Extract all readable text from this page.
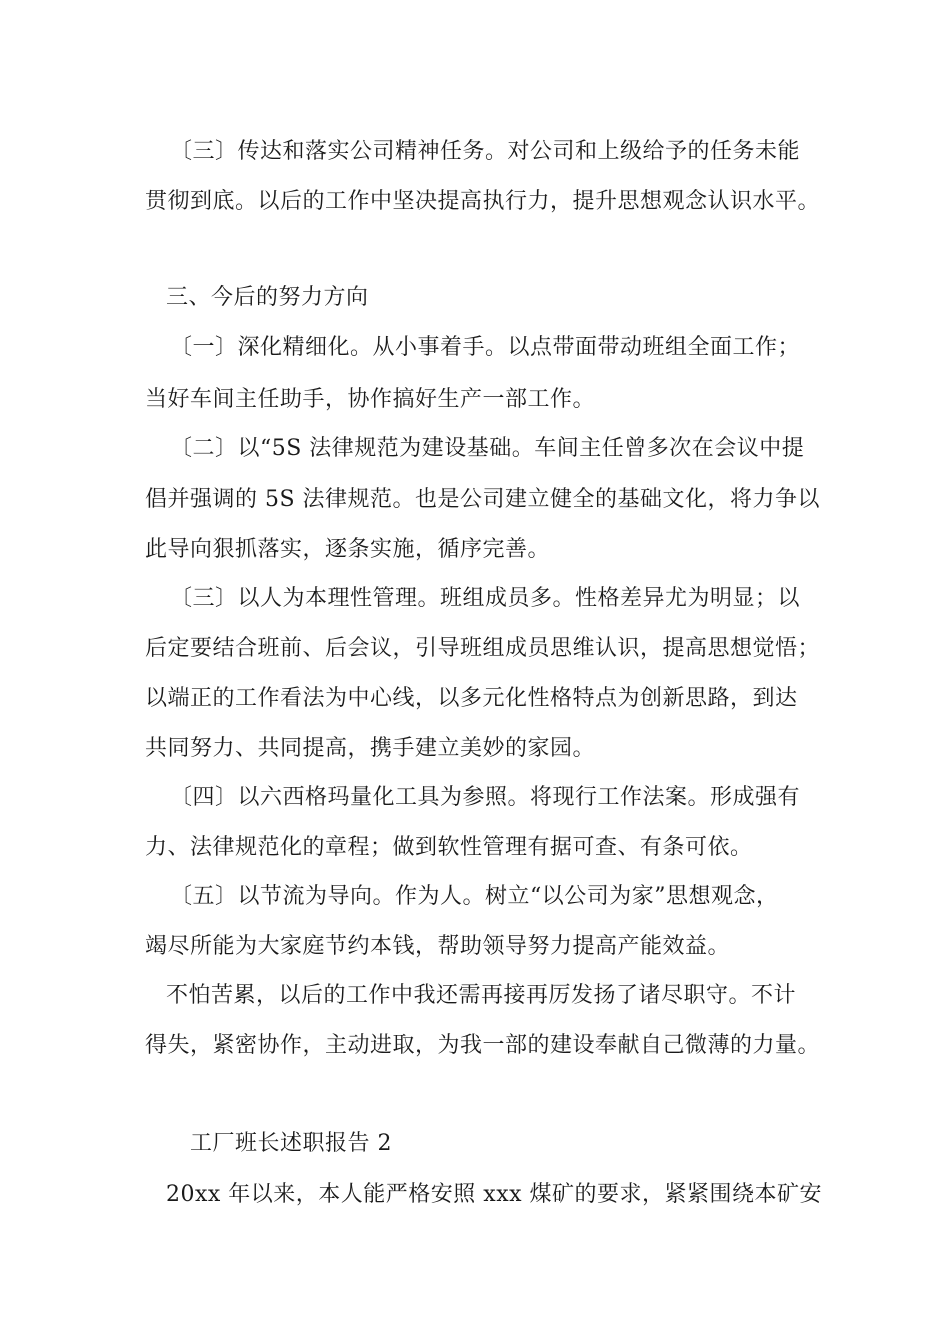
〔三〕传达和落实公司精神任务。对公司和上级给予的任务未能
贯彻到底。以后的工作中坚决提高执行力，提升思想观念认识水平。
三、今后的努力方向
〔一〕深化精细化。从小事着手。以点带面带动班组全面工作；
当好车间主任助手，协作搞好生产一部工作。
〔二〕以“5S 法律规范为建设基础。车间主任曾多次在会议中提
倡并强调的 5S 法律规范。也是公司建立健全的基础文化，将力争以
此导向狠抓落实，逐条实施，循序完善。
〔三〕以人为本理性管理。班组成员多。性格差异尤为明显；以
后定要结合班前、后会议，引导班组成员思维认识，提高思想觉悟；
以端正的工作看法为中心线，以多元化性格特点为创新思路，到达
共同努力、共同提高，携手建立美妙的家园。
〔四〕以六西格玛量化工具为参照。将现行工作法案。形成强有
力、法律规范化的章程；做到软性管理有据可查、有条可依。
〔五〕以节流为导向。作为人。树立“以公司为家”思想观念，
竭尽所能为大家庭节约本钱，帮助领导努力提高产能效益。
不怕苦累，以后的工作中我还需再接再厉发扬了诸尽职守。不计
得失，紧密协作，主动进取，为我一部的建设奉献自己微薄的力量。
工厂班长述职报告 2
20xx 年以来，本人能严格安照 xxx 煤矿的要求，紧紧围绕本矿安
